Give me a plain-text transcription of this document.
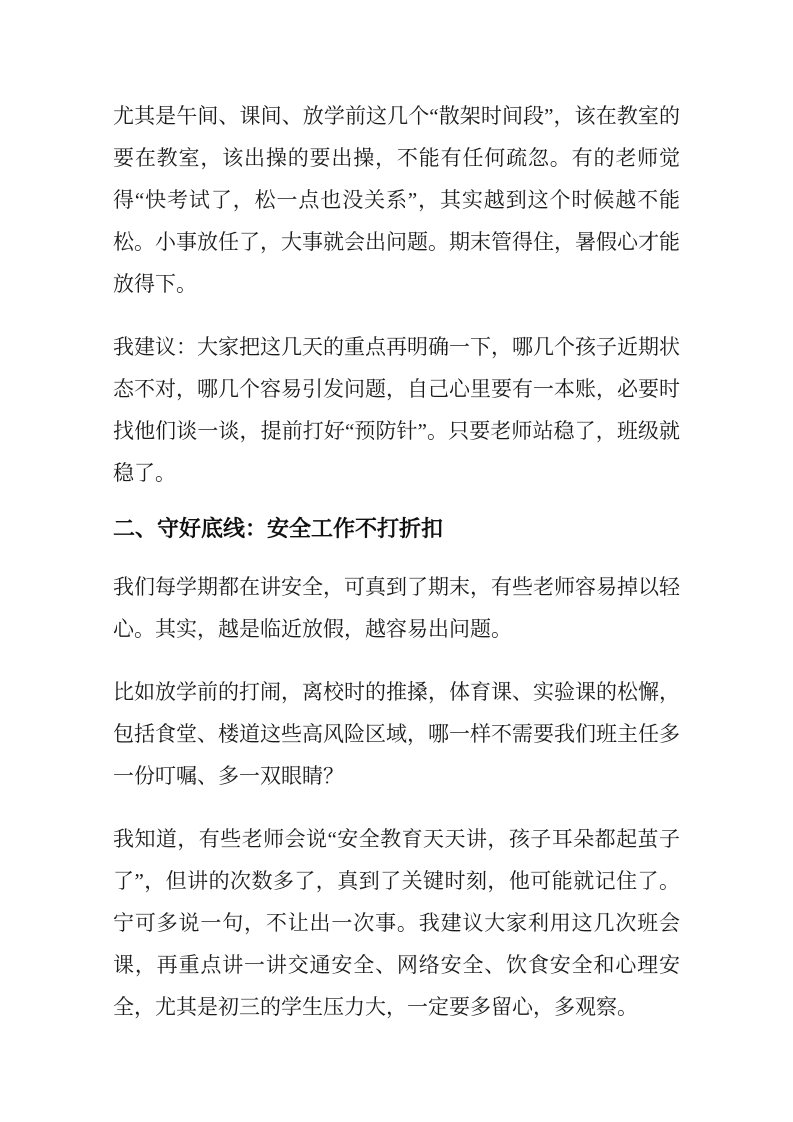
尤其是午间、课间、放学前这几个“散架时间段”，该在教室的要在教室，该出操的要出操，不能有任何疏忽。有的老师觉得“快考试了，松一点也没关系”，其实越到这个时候越不能松。小事放任了，大事就会出问题。期末管得住，暑假心才能放得下。

我建议：大家把这几天的重点再明确一下，哪几个孩子近期状态不对，哪几个容易引发问题，自己心里要有一本账，必要时找他们谈一谈，提前打好“预防针”。只要老师站稳了，班级就稳了。

二、守好底线：安全工作不打折扣

我们每学期都在讲安全，可真到了期末，有些老师容易掉以轻心。其实，越是临近放假，越容易出问题。

比如放学前的打闹，离校时的推搡，体育课、实验课的松懈，包括食堂、楼道这些高风险区域，哪一样不需要我们班主任多一份叮嘱、多一双眼睛？

我知道，有些老师会说“安全教育天天讲，孩子耳朵都起茧子了”，但讲的次数多了，真到了关键时刻，他可能就记住了。宁可多说一句，不让出一次事。我建议大家利用这几次班会课，再重点讲一讲交通安全、网络安全、饮食安全和心理安全，尤其是初三的学生压力大，一定要多留心，多观察。
